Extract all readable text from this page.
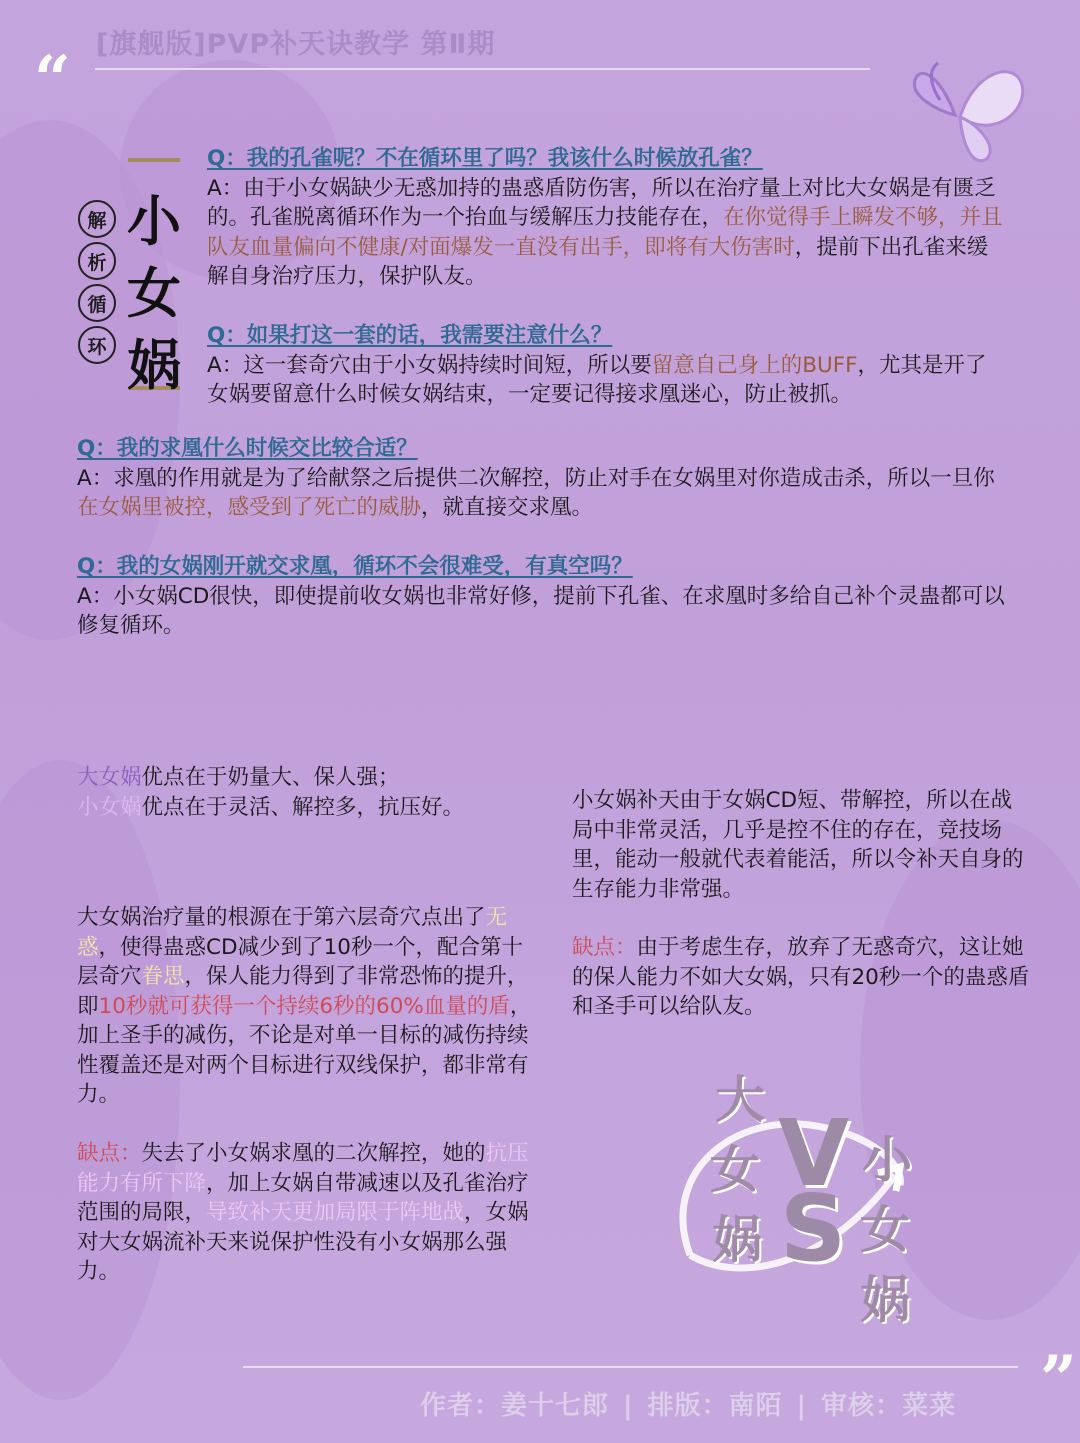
[旗舰版]PVP补天诀教学 第Ⅱ期
“
解
析
循
环
小
女
娲
Q：我的孔雀呢？不在循环里了吗？我该什么时候放孔雀？
A：由于小女娲缺少无惑加持的蛊惑盾防伤害，所以在治疗量上对比大女娲是有匮乏的。孔雀脱离循环作为一个抬血与缓解压力技能存在，在你觉得手上瞬发不够，并且队友血量偏向不健康/对面爆发一直没有出手，即将有大伤害时，提前下出孔雀来缓解自身治疗压力，保护队友。
Q：如果打这一套的话，我需要注意什么？
A：这一套奇穴由于小女娲持续时间短，所以要留意自己身上的BUFF，尤其是开了女娲要留意什么时候女娲结束，一定要记得接求凰迷心，防止被抓。
Q：我的求凰什么时候交比较合适？
A：求凰的作用就是为了给献祭之后提供二次解控，防止对手在女娲里对你造成击杀，所以一旦你在女娲里被控，感受到了死亡的威胁，就直接交求凰。
Q：我的女娲刚开就交求凰，循环不会很难受，有真空吗？
A：小女娲CD很快，即使提前收女娲也非常好修，提前下孔雀、在求凰时多给自己补个灵蛊都可以修复循环。
大女娲优点在于奶量大、保人强；
小女娲优点在于灵活、解控多，抗压好。
大女娲治疗量的根源在于第六层奇穴点出了无惑，使得蛊惑CD减少到了10秒一个，配合第十层奇穴眷思，保人能力得到了非常恐怖的提升，即10秒就可获得一个持续6秒的60%血量的盾，加上圣手的减伤，不论是对单一目标的减伤持续性覆盖还是对两个目标进行双线保护，都非常有力。
缺点：失去了小女娲求凰的二次解控，她的抗压能力有所下降，加上女娲自带减速以及孔雀治疗范围的局限，导致补天更加局限于阵地战，女娲对大女娲流补天来说保护性没有小女娲那么强力。
小女娲补天由于女娲CD短、带解控，所以在战局中非常灵活，几乎是控不住的存在，竞技场里，能动一般就代表着能活，所以令补天自身的生存能力非常强。
缺点：由于考虑生存，放弃了无惑奇穴，这让她的保人能力不如大女娲，只有20秒一个的蛊惑盾和圣手可以给队友。
大
女
娲
V
S
小
女
娲
”
作者：姜十七郎 | 排版：南陌 | 审核：菜菜
